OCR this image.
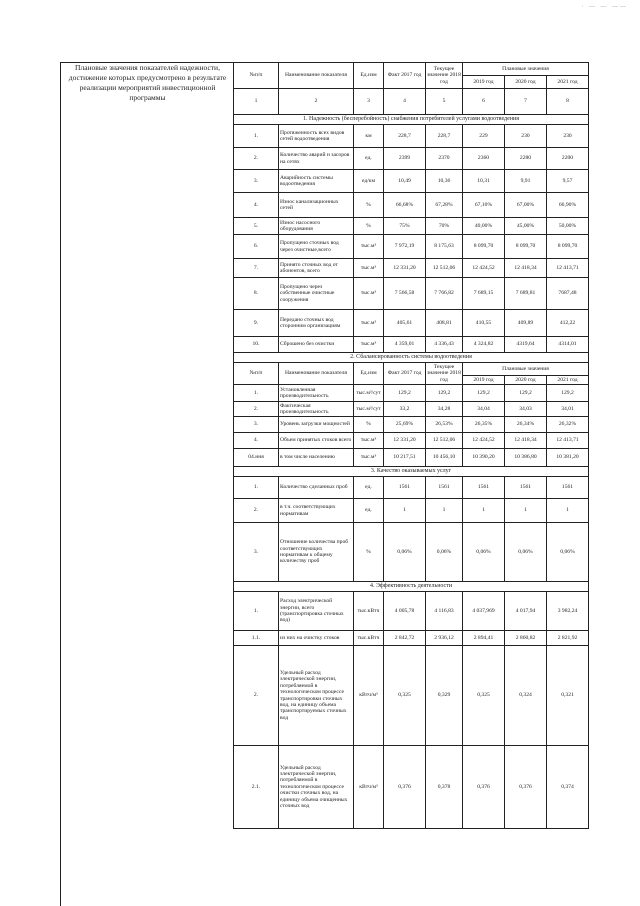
· — — ——
Плановые значения показателей надежности, достижение которых предусмотрено в результате реализации мероприятий инвестиционной программы
№п/п	Наименование показателя	Ед.изм	Факт 2017 год	Текущее значение 2018 год	Плановые значения		
					2019 год	2020 год	2021 год
1	2	3	4	5	6	7	8
1. Надежность (бесперебойность) снабжения потребителей услугами водоотведения							
1.	Протяженность всех видов сетей водоотведения	км	228,7	228,7	229	230	230
2.	Количество аварий и засоров на сетях	ед.	2399	2370	2360	2280	2200
3.	Аварийность системы водоотведения	ед/км	10,49	10,36	10,31	9,91	9,57
4.	Износ канализационных сетей	%	66,68%	67,28%	67,10%	67,00%	66,90%
5.	Износ насосного оборудования	%	75%	70%	40,00%	45,00%	50,00%
6.	Пропущено сточных вод через очистные,всего	тыс.м³	7 972,19	8 175,63	8 099,70	8 099,70	8 099,70
7.	Принято сточных вод от абонентов, всего	тыс.м³	12 331,20	12 512,06	12 424,52	12 418,34	12 413,71
8.	Пропущено через собственные очистные сооружения	тыс.м³	7 566,58	7 766,82	7 689,15	7 689,81	7687,48
9.	Передано сточных вод сторонним организациям	тыс.м³	405,61	408,81	410,55	409,89	412,22
10.	Сброшено без очистки	тыс.м³	4 359,01	4 336,43	4 324,82	4319,64	4314,01
2. Сбалансированность системы водоотведения							
№п/п	Наименование показателя	Ед.изм	Факт 2017 год	Текущее значение 2018 год	Плановые значения		
					2019 год	2020 год	2021 год
1.	Установленная производительность	тыс.м³/сут	129,2	129,2	129,2	129,2	129,2
2.	Фактическая производительность	тыс.м³/сут	33,2	34,28	34,04	34,03	34,01
3.	Уровень загрузки мощностей	%	25,69%	26,53%	26,35%	26,34%	26,32%
4.	Объем принятых стоков всего	тыс.м³	12 331,20	12 512,06	12 424,52	12 418,34	12 413,71
04.ння	в том числе населению	тыс.м³	10 217,51	10 456,10	10 390,20	10 386,80	10 381,20
3. Качество оказываемых услуг							
1.	Количество сделанных проб	ед.	1561	1561	1561	1561	1561
2.	в т.ч. соответствующих нормативам	ед.	1	1	1	1	1
3.	Отношение количества проб соответствующих нормативам к общему количеству проб	%	0,06%	0,06%	0,06%	0,06%	0,06%
4. Эффективность деятельности							
1.	Расход электрической энергии, всего (транспортировка сточных вод)	тыс.кВтч	4 005,78	4 116,83	4 037,969	4 017,94	3 982,24
1.1.	из них на очистку стоков	тыс.кВтч	2 842,72	2 936,12	2 894,41	2 860,82	2 821,92
2.	Удельный расход электрической энергии, потребляемой в технологическом процессе транспортировки сточных вод, на единицу объема транспортируемых сточных вод	кВтч/м³	0,325	0,329	0,325	0,324	0,321
2.1.	Удельный расход электрической энергии, потребляемой в технологическом процессе очистки сточных вод, на единицу объема очищенных сточных вод	кВтч/м³	0,376	0,378	0,376	0,376	0,374
